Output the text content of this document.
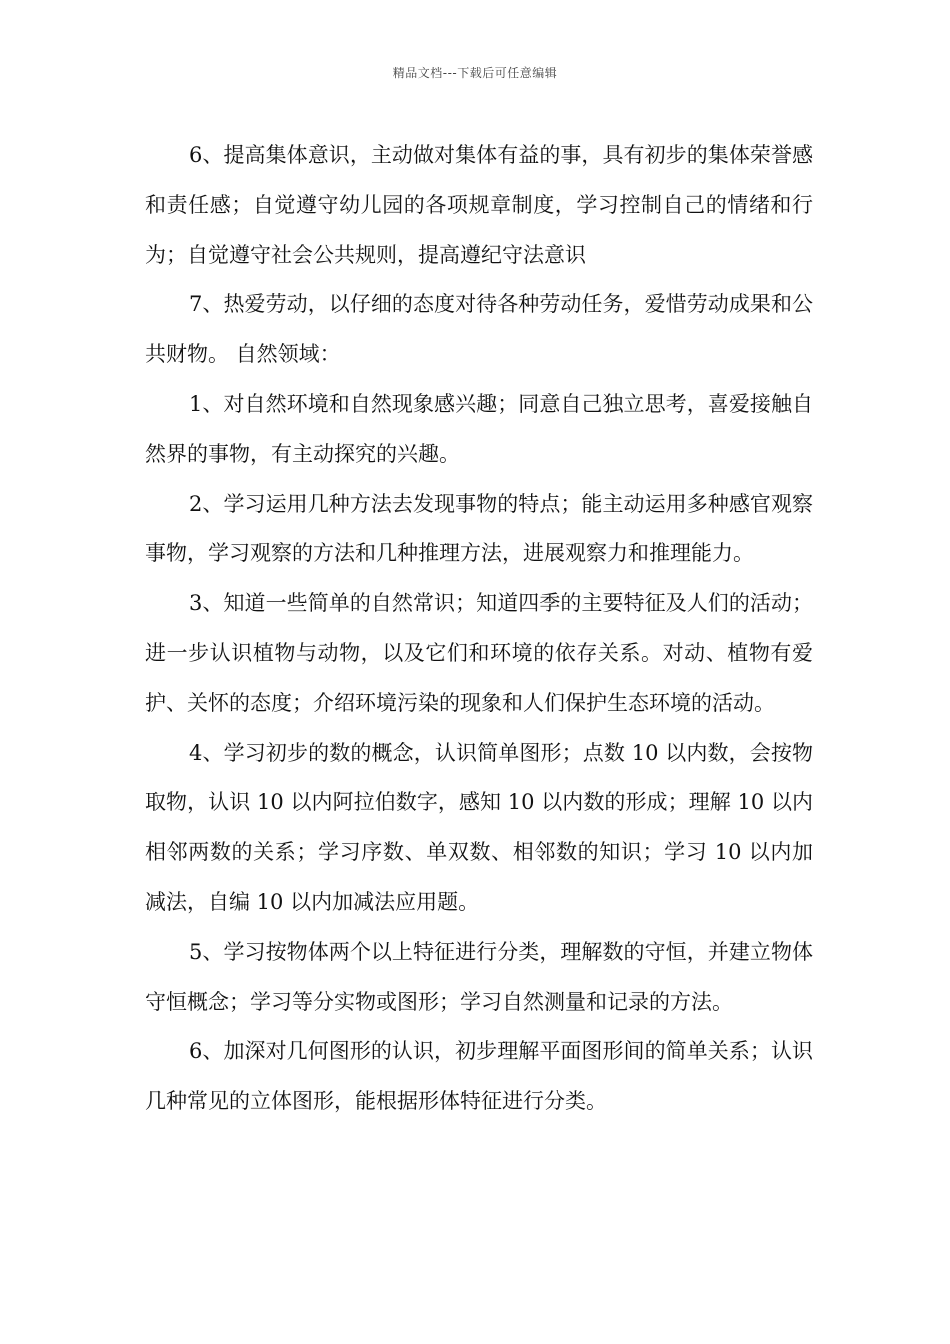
精品文档---下载后可任意编辑

6、提高集体意识，主动做对集体有益的事，具有初步的集体荣誉感和责任感；自觉遵守幼儿园的各项规章制度，学习控制自己的情绪和行为；自觉遵守社会公共规则，提高遵纪守法意识

7、热爱劳动，以仔细的态度对待各种劳动任务，爱惜劳动成果和公共财物。 自然领域：

1、对自然环境和自然现象感兴趣；同意自己独立思考，喜爱接触自然界的事物，有主动探究的兴趣。

2、学习运用几种方法去发现事物的特点；能主动运用多种感官观察事物，学习观察的方法和几种推理方法，进展观察力和推理能力。

3、知道一些简单的自然常识；知道四季的主要特征及人们的活动；进一步认识植物与动物，以及它们和环境的依存关系。对动、植物有爱护、关怀的态度；介绍环境污染的现象和人们保护生态环境的活动。

4、学习初步的数的概念，认识简单图形；点数 10 以内数，会按物取物，认识 10 以内阿拉伯数字，感知 10 以内数的形成；理解 10 以内相邻两数的关系；学习序数、单双数、相邻数的知识；学习 10 以内加减法，自编 10 以内加减法应用题。

5、学习按物体两个以上特征进行分类，理解数的守恒，并建立物体守恒概念；学习等分实物或图形；学习自然测量和记录的方法。

6、加深对几何图形的认识，初步理解平面图形间的简单关系；认识几种常见的立体图形，能根据形体特征进行分类。
